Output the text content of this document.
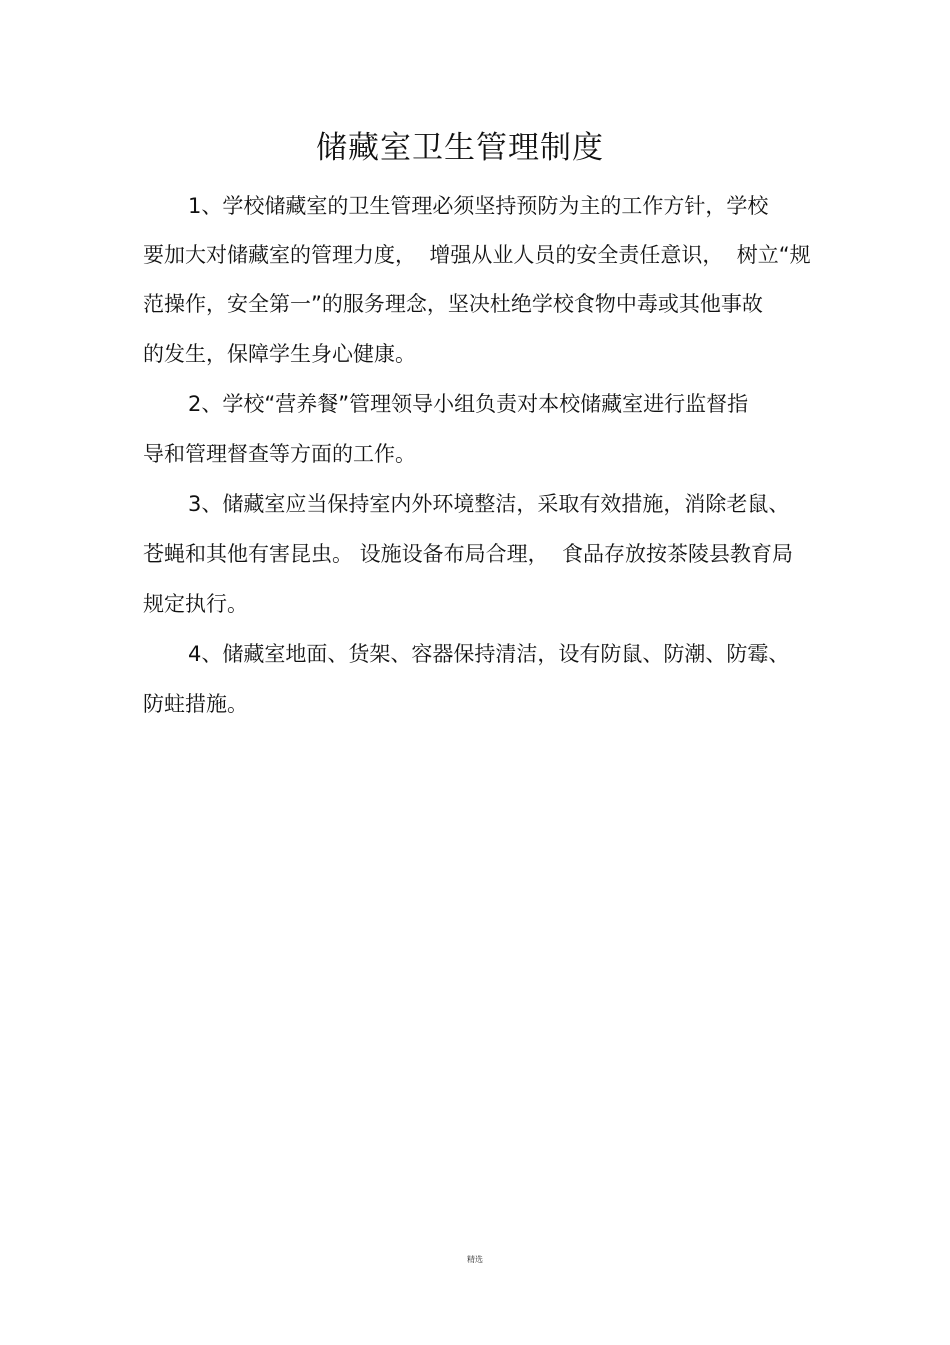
储藏室卫生管理制度

1、学校储藏室的卫生管理必须坚持预防为主的工作方针，学校

要加大对储藏室的管理力度，  增强从业人员的安全责任意识，  树立“规

范操作，安全第一”的服务理念，坚决杜绝学校食物中毒或其他事故

的发生，保障学生身心健康。

2、学校“营养餐”管理领导小组负责对本校储藏室进行监督指

导和管理督查等方面的工作。

3、储藏室应当保持室内外环境整洁，采取有效措施，消除老鼠、

苍蝇和其他有害昆虫。 设施设备布局合理，  食品存放按茶陵县教育局

规定执行。

4、储藏室地面、货架、容器保持清洁，设有防鼠、防潮、防霉、

防蛀措施。

精选
